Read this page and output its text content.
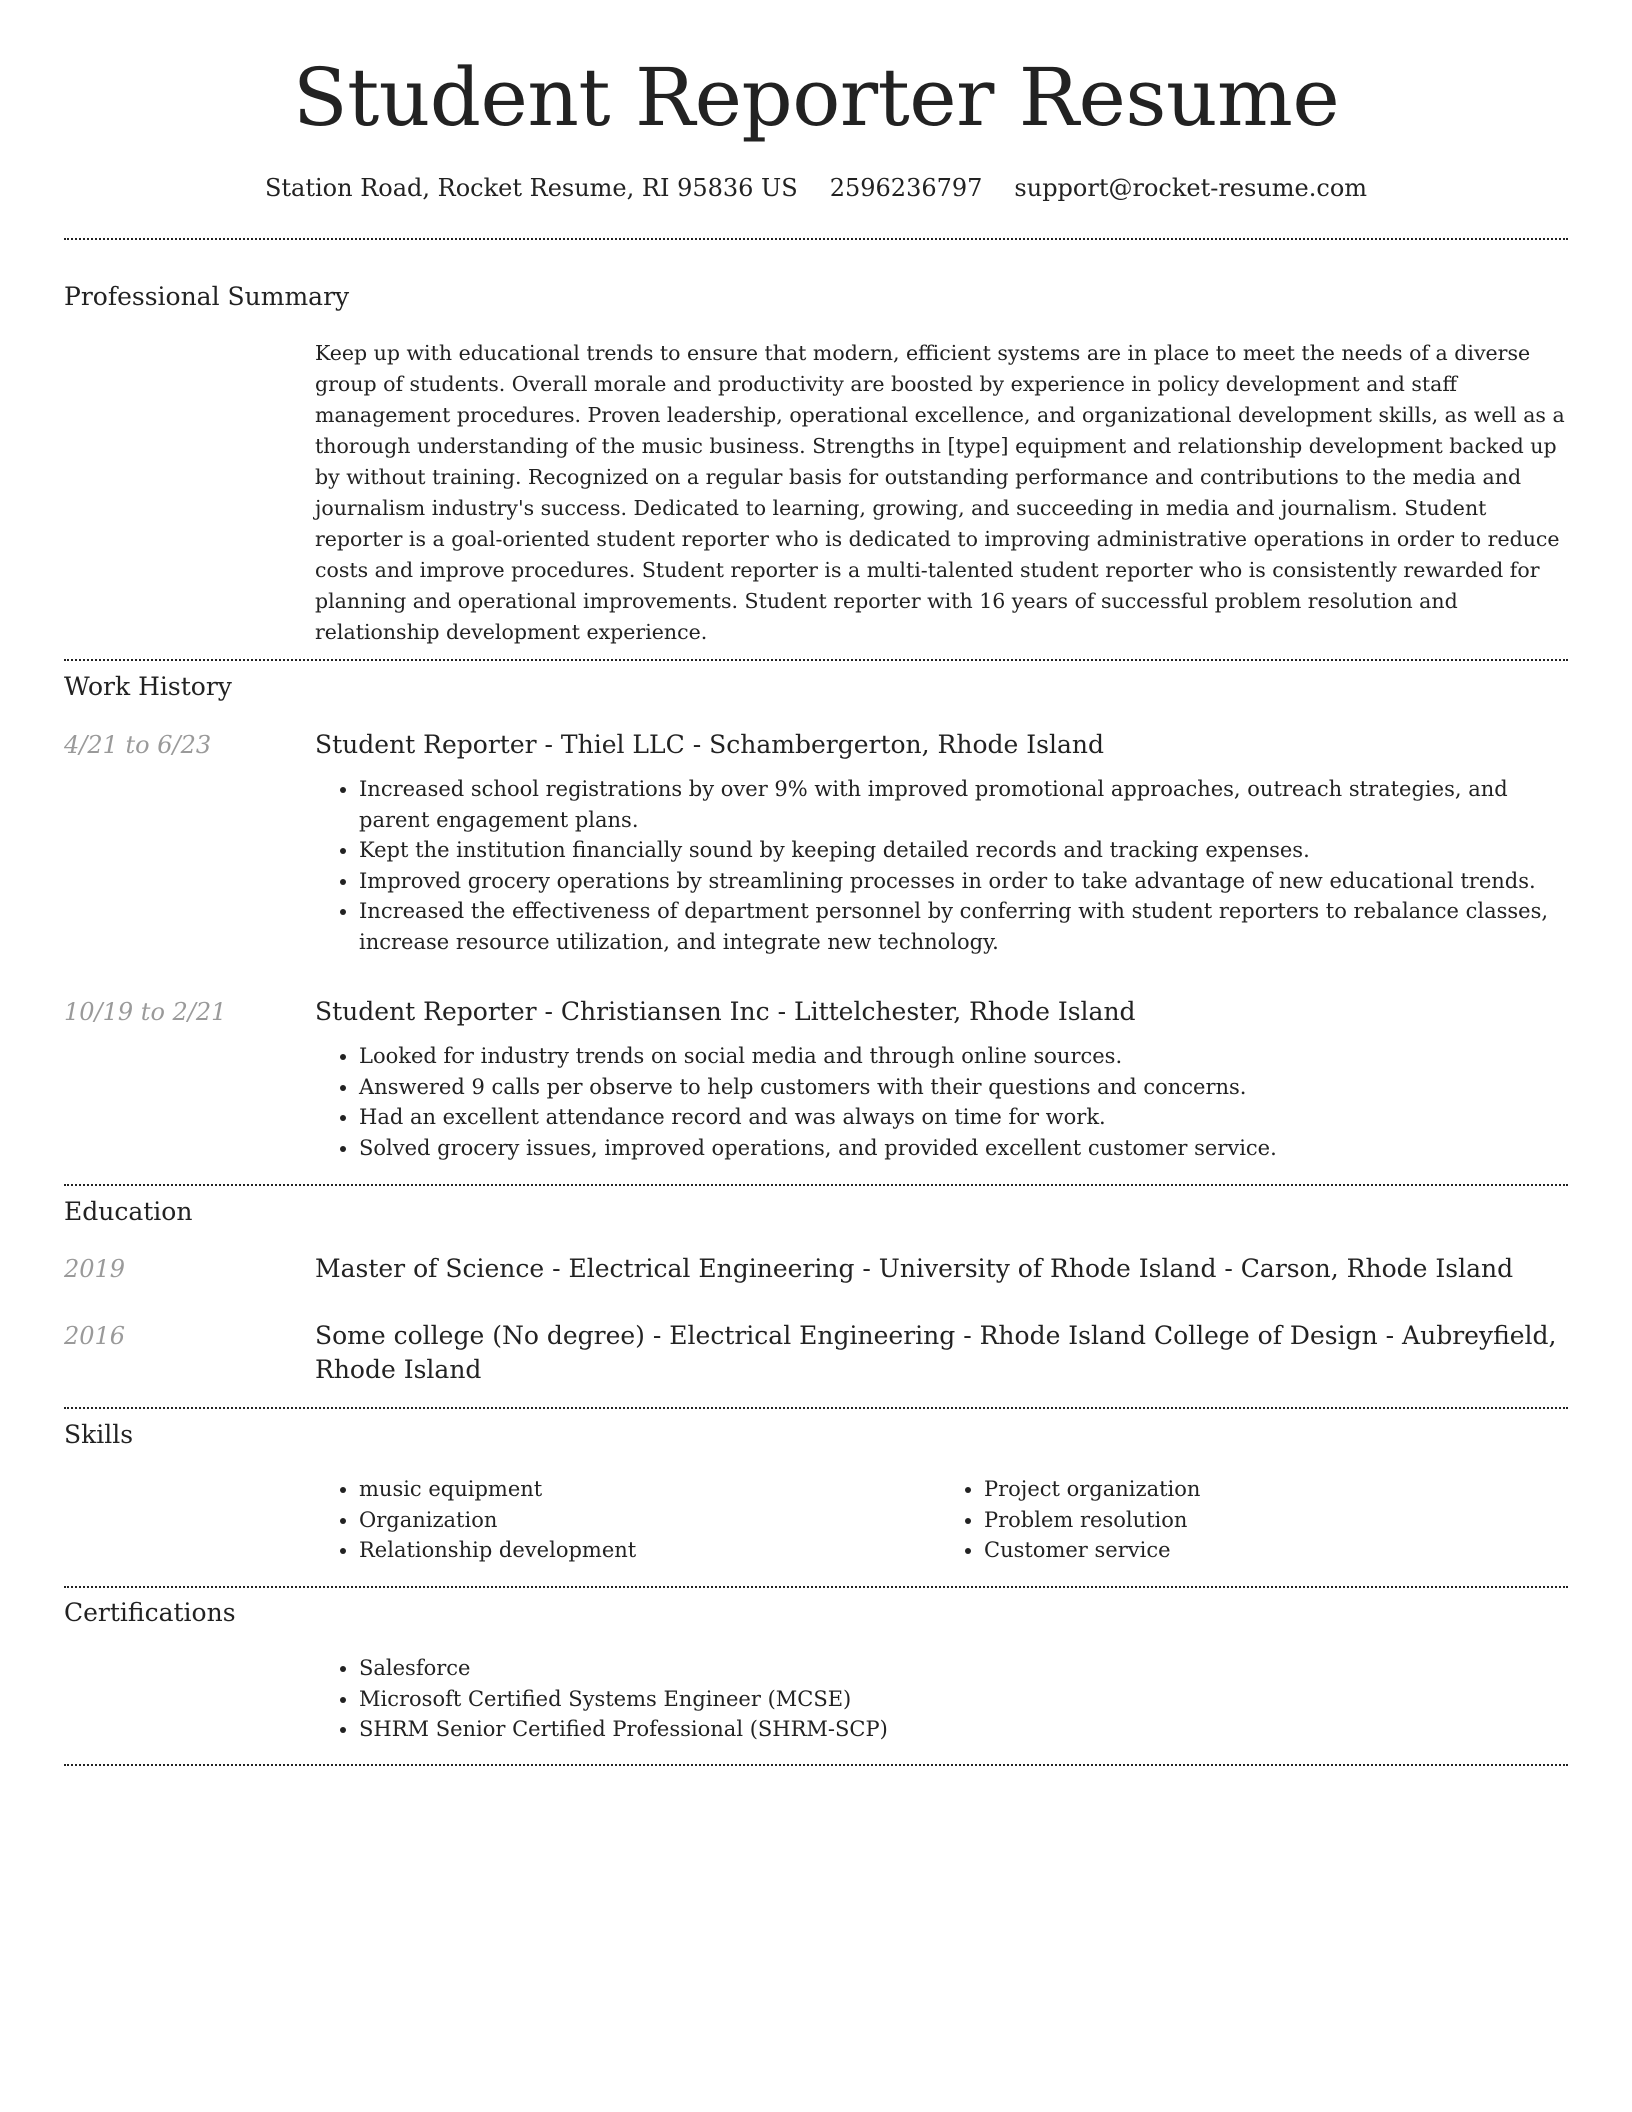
Student Reporter Resume
Station Road, Rocket Resume, RI 95836 US 2596236797 support@rocket-resume.com
Professional Summary

Keep up with educational trends to ensure that modern, efficient systems are in place to meet the needs of a diverse group of students. Overall morale and productivity are boosted by experience in policy development and staff management procedures. Proven leadership, operational excellence, and organizational development skills, as well as a thorough understanding of the music business. Strengths in [type] equipment and relationship development backed up by without training. Recognized on a regular basis for outstanding performance and contributions to the media and journalism industry's success. Dedicated to learning, growing, and succeeding in media and journalism. Student reporter is a goal-oriented student reporter who is dedicated to improving administrative operations in order to reduce costs and improve procedures. Student reporter is a multi-talented student reporter who is consistently rewarded for planning and operational improvements. Student reporter with 16 years of successful problem resolution and relationship development experience.

Work History
4/21 to 6/23	Student Reporter - Thiel LLC - Schambergerton, Rhode Island

• Increased school registrations by over 9% with improved promotional approaches, outreach strategies, and parent engagement plans.
• Kept the institution financially sound by keeping detailed records and tracking expenses.
• Improved grocery operations by streamlining processes in order to take advantage of new educational trends.
• Increased the effectiveness of department personnel by conferring with student reporters to rebalance classes, increase resource utilization, and integrate new technology.
10/19 to 2/21	Student Reporter - Christiansen Inc - Littelchester, Rhode Island

• Looked for industry trends on social media and through online sources.
• Answered 9 calls per observe to help customers with their questions and concerns.
• Had an excellent attendance record and was always on time for work.
• Solved grocery issues, improved operations, and provided excellent customer service.
Education
2019	Master of Science - Electrical Engineering - University of Rhode Island - Carson, Rhode Island

2016	Some college (No degree) - Electrical Engineering - Rhode Island College of Design - Aubreyfield, Rhode Island

Skills
• music equipment
• Organization
• Relationship development
• Project organization
• Problem resolution
• Customer service
Certifications
• Salesforce
• Microsoft Certified Systems Engineer (MCSE)
• SHRM Senior Certified Professional (SHRM-SCP)
